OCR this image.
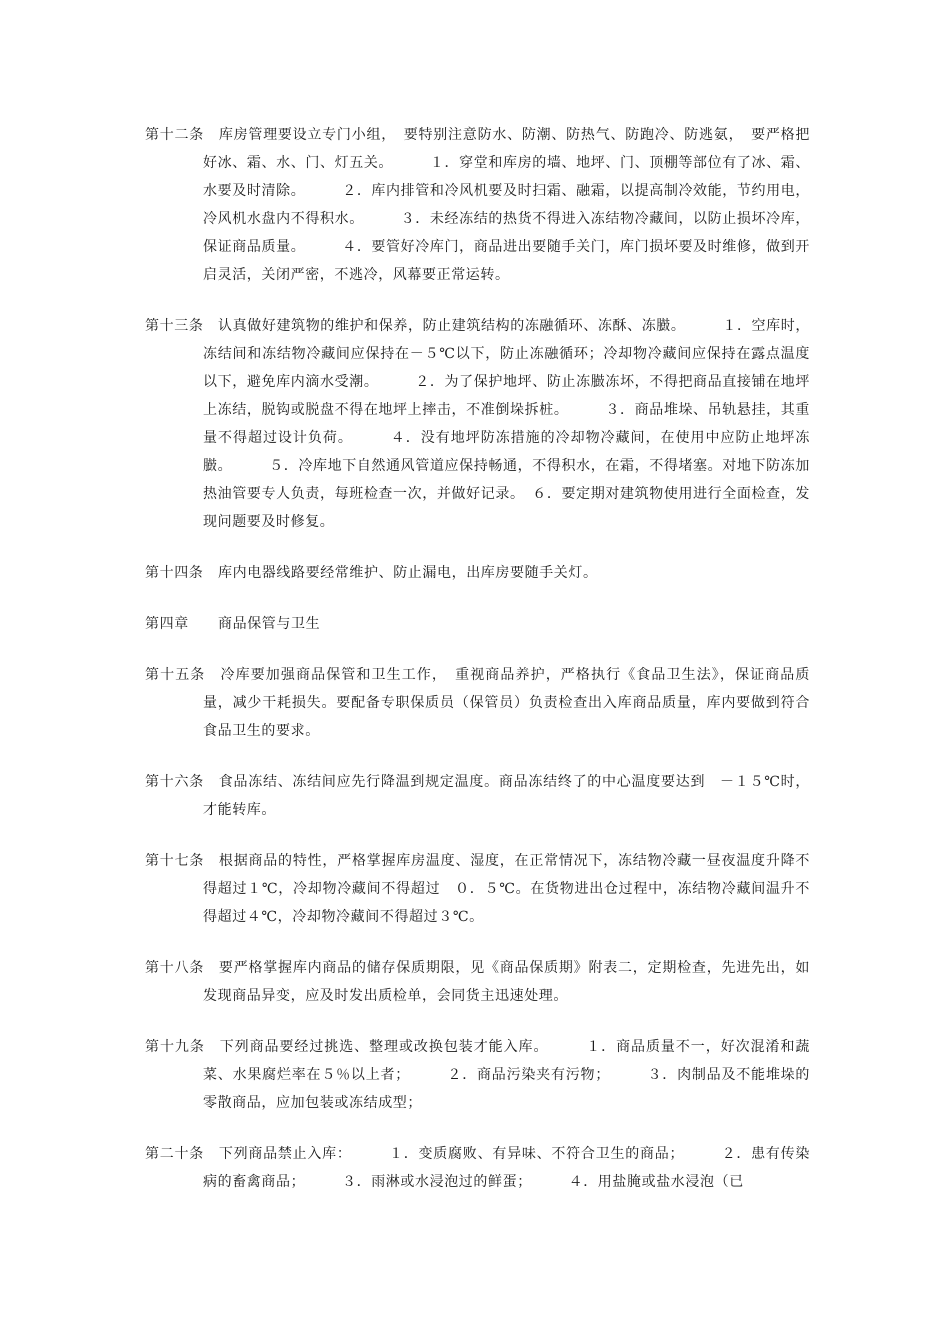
第十二条　库房管理要设立专门小组，　要特别注意防水、防潮、防热气、防跑冷、防逃氨，　要严格把好冰、霜、水、门、灯五关。　　　１．穿堂和库房的墙、地坪、门、顶棚等部位有了冰、霜、水要及时清除。　　　２．库内排管和冷风机要及时扫霜、融霜，以提高制冷效能，节约用电，冷风机水盘内不得积水。　　　３．未经冻结的热货不得进入冻结物冷藏间，以防止损坏冷库，保证商品质量。　　　４．要管好冷库门，商品进出要随手关门，库门损坏要及时维修，做到开启灵活，关闭严密，不逃冷，风幕要正常运转。

第十三条　认真做好建筑物的维护和保养，防止建筑结构的冻融循环、冻酥、冻臌。　　　１．空库时，冻结间和冻结物冷藏间应保持在－５℃以下，防止冻融循环；冷却物冷藏间应保持在露点温度以下，避免库内滴水受潮。　　　２．为了保护地坪、防止冻臌冻坏，不得把商品直接铺在地坪上冻结，脱钩或脱盘不得在地坪上摔击，不准倒垛拆桩。　　　３．商品堆垛、吊轨悬挂，其重量不得超过设计负荷。　　　４．没有地坪防冻措施的冷却物冷藏间，在使用中应防止地坪冻臌。　　　５．冷库地下自然通风管道应保持畅通，不得积水，在霜，不得堵塞。对地下防冻加热油管要专人负责，每班检查一次，并做好记录。　６．要定期对建筑物使用进行全面检查，发现问题要及时修复。

第十四条　库内电器线路要经常维护、防止漏电，出库房要随手关灯。

第四章　　商品保管与卫生

第十五条　冷库要加强商品保管和卫生工作，　重视商品养护，严格执行《食品卫生法》，保证商品质量，减少干耗损失。要配备专职保质员（保管员）负责检查出入库商品质量，库内要做到符合食品卫生的要求。

第十六条　食品冻结、冻结间应先行降温到规定温度。商品冻结终了的中心温度要达到　－１５℃时，才能转库。

第十七条　根据商品的特性，严格掌握库房温度、湿度，在正常情况下，冻结物冷藏一昼夜温度升降不得超过１℃，冷却物冷藏间不得超过　０．５℃。在货物进出仓过程中，冻结物冷藏间温升不得超过４℃，冷却物冷藏间不得超过３℃。

第十八条　要严格掌握库内商品的储存保质期限，见《商品保质期》附表二，定期检查，先进先出，如发现商品异变，应及时发出质检单，会同货主迅速处理。

第十九条　下列商品要经过挑选、整理或改换包装才能入库。　　　１．商品质量不一，好次混淆和蔬菜、水果腐烂率在５％以上者；　　　２．商品污染夹有污物；　　　３．肉制品及不能堆垛的零散商品，应加包装或冻结成型；

第二十条　下列商品禁止入库：　　　１．变质腐败、有异味、不符合卫生的商品；　　　２．患有传染病的畜禽商品；　　　３．雨淋或水浸泡过的鲜蛋；　　　４．用盐腌或盐水浸泡（已
